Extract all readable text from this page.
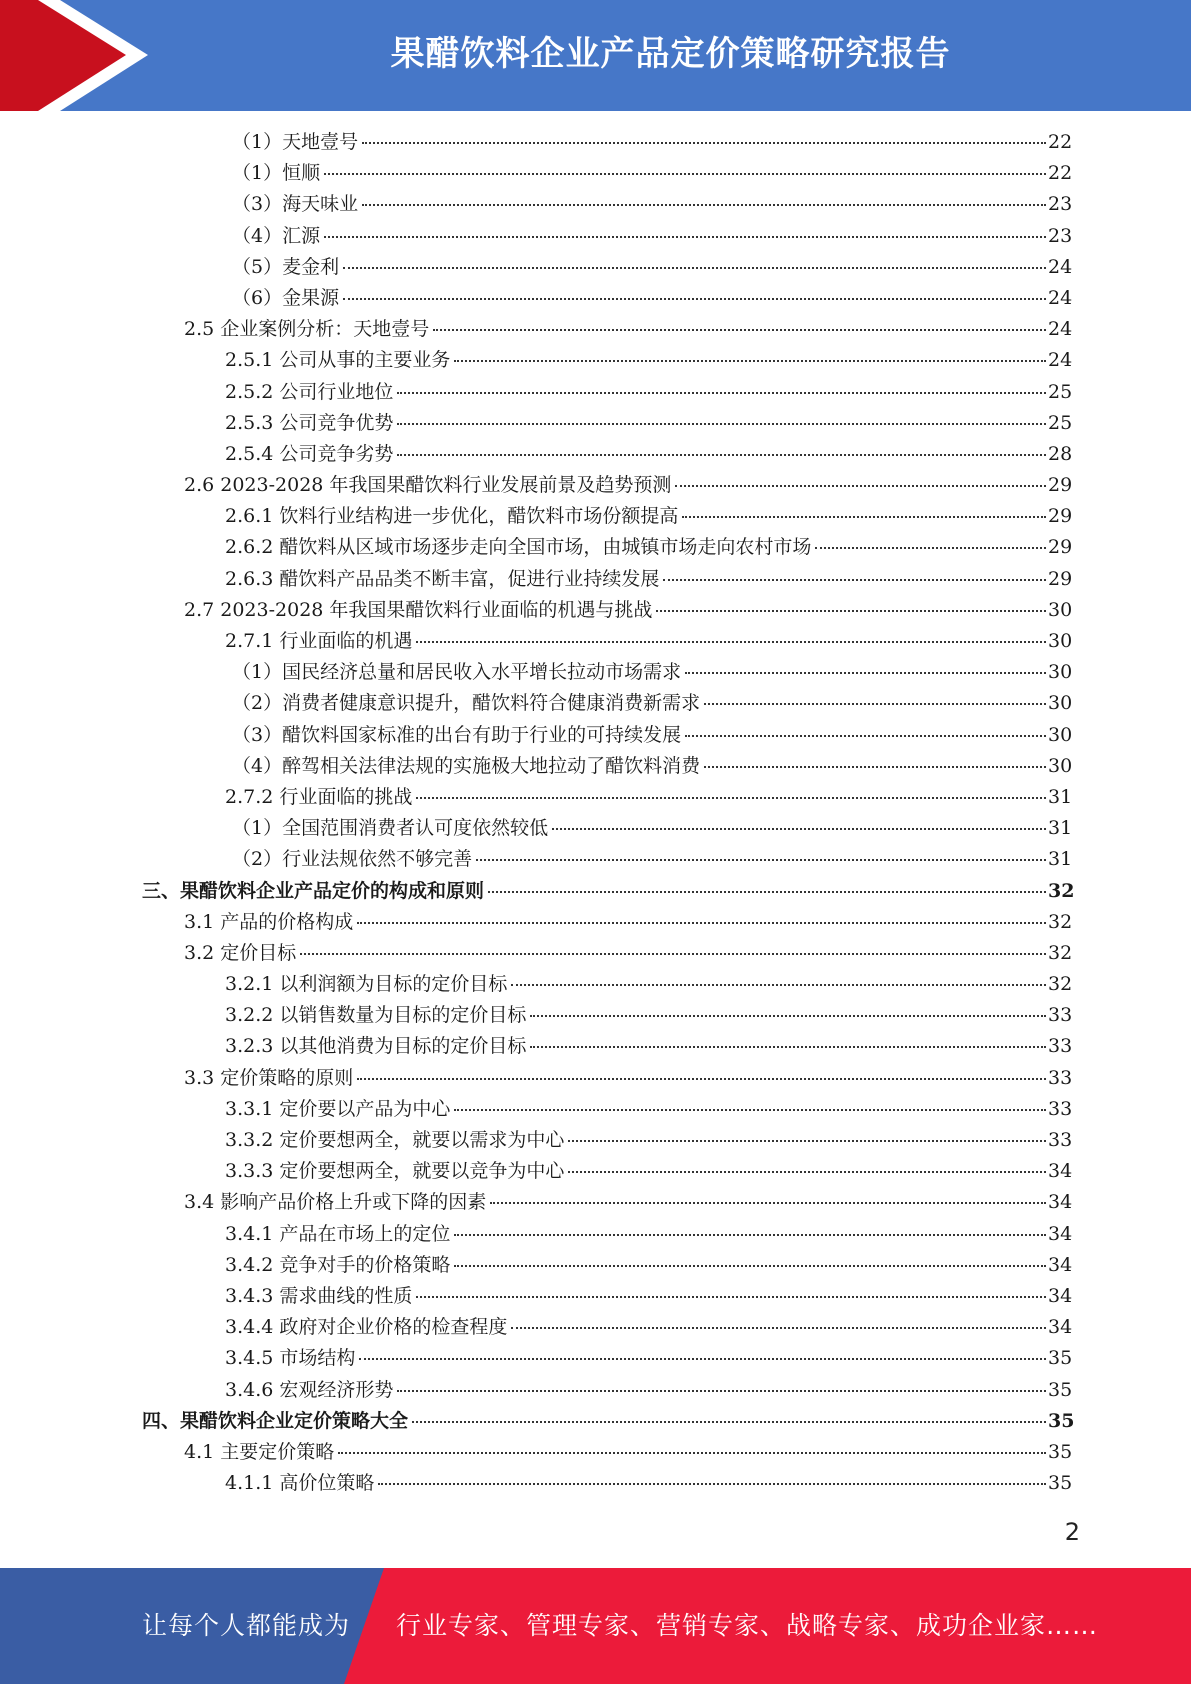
果醋饮料企业产品定价策略研究报告
（1）天地壹号	22
（1）恒顺	22
（3）海天味业	23
（4）汇源	23
（5）麦金利	24
（6）金果源	24
2.5 企业案例分析：天地壹号	24
2.5.1 公司从事的主要业务	24
2.5.2 公司行业地位	25
2.5.3 公司竞争优势	25
2.5.4 公司竞争劣势	28
2.6 2023-2028 年我国果醋饮料行业发展前景及趋势预测	29
2.6.1 饮料行业结构进一步优化，醋饮料市场份额提高	29
2.6.2 醋饮料从区域市场逐步走向全国市场，由城镇市场走向农村市场	29
2.6.3 醋饮料产品品类不断丰富，促进行业持续发展	29
2.7 2023-2028 年我国果醋饮料行业面临的机遇与挑战	30
2.7.1 行业面临的机遇	30
（1）国民经济总量和居民收入水平增长拉动市场需求	30
（2）消费者健康意识提升，醋饮料符合健康消费新需求	30
（3）醋饮料国家标准的出台有助于行业的可持续发展	30
（4）醉驾相关法律法规的实施极大地拉动了醋饮料消费	30
2.7.2 行业面临的挑战	31
（1）全国范围消费者认可度依然较低	31
（2）行业法规依然不够完善	31
三、果醋饮料企业产品定价的构成和原则	32
3.1 产品的价格构成	32
3.2 定价目标	32
3.2.1 以利润额为目标的定价目标	32
3.2.2 以销售数量为目标的定价目标	33
3.2.3 以其他消费为目标的定价目标	33
3.3 定价策略的原则	33
3.3.1 定价要以产品为中心	33
3.3.2 定价要想两全，就要以需求为中心	33
3.3.3 定价要想两全，就要以竞争为中心	34
3.4 影响产品价格上升或下降的因素	34
3.4.1 产品在市场上的定位	34
3.4.2 竞争对手的价格策略	34
3.4.3 需求曲线的性质	34
3.4.4 政府对企业价格的检查程度	34
3.4.5 市场结构	35
3.4.6 宏观经济形势	35
四、果醋饮料企业定价策略大全	35
4.1 主要定价策略	35
4.1.1 高价位策略	35
2
让每个人都能成为 行业专家、管理专家、营销专家、战略专家、成功企业家……
